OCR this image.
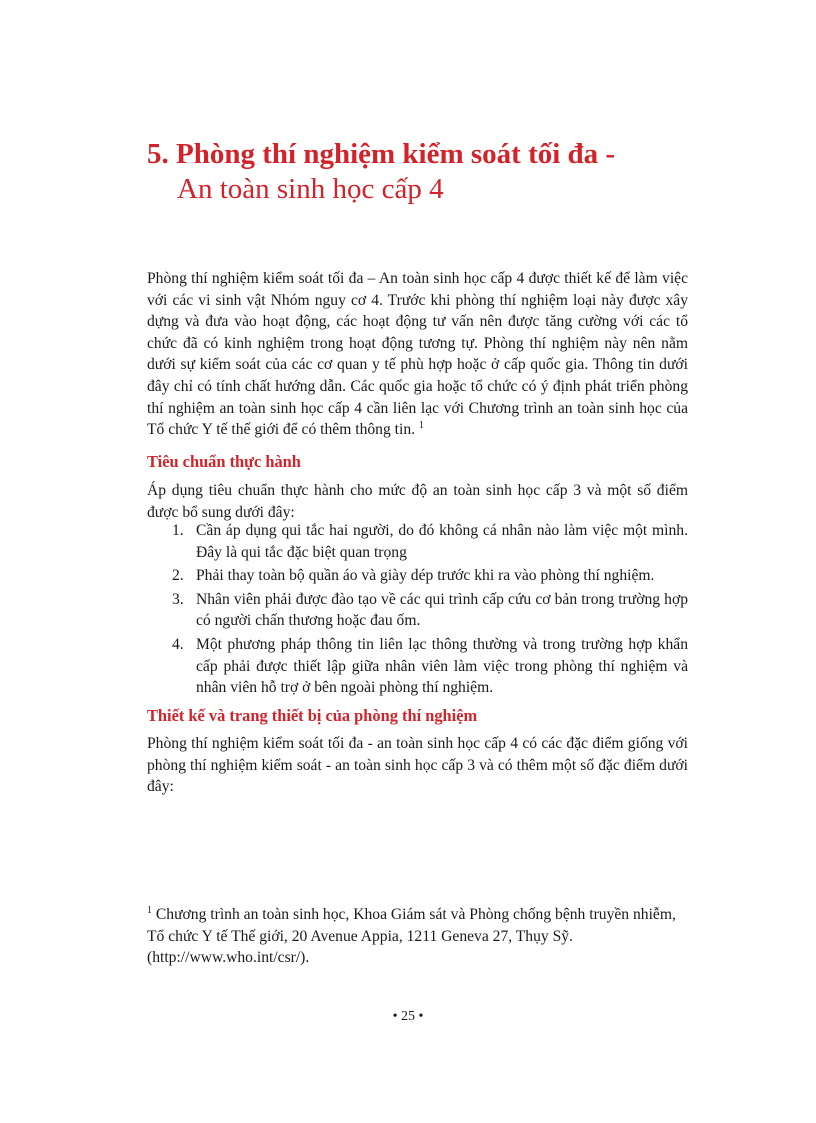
5. Phòng thí nghiệm kiểm soát tối đa -
An toàn sinh học cấp 4

Phòng thí nghiệm kiểm soát tối đa – An toàn sinh học cấp 4 được thiết kế để làm việc với các vi sinh vật Nhóm nguy cơ 4. Trước khi phòng thí nghiệm loại này được xây dựng và đưa vào hoạt động, các hoạt động tư vấn nên được tăng cường với các tổ chức đã có kinh nghiệm trong hoạt động tương tự. Phòng thí nghiệm này nên nằm dưới sự kiểm soát của các cơ quan y tế phù hợp hoặc ở cấp quốc gia. Thông tin dưới đây chỉ có tính chất hướng dẫn. Các quốc gia hoặc tổ chức có ý định phát triển phòng thí nghiệm an toàn sinh học cấp 4 cần liên lạc với Chương trình an toàn sinh học của Tổ chức Y tế thế giới để có thêm thông tin. $^1$

Tiêu chuẩn thực hành

Áp dụng tiêu chuẩn thực hành cho mức độ an toàn sinh học cấp 3 và một số điểm được bổ sung dưới đây:

1. Cần áp dụng qui tắc hai người, do đó không cá nhân nào làm việc một mình. Đây là qui tắc đặc biệt quan trọng
2. Phải thay toàn bộ quần áo và giày dép trước khi ra vào phòng thí nghiệm.
3. Nhân viên phải được đào tạo về các qui trình cấp cứu cơ bản trong trường hợp có người chấn thương hoặc đau ốm.
4. Một phương pháp thông tin liên lạc thông thường và trong trường hợp khẩn cấp phải được thiết lập giữa nhân viên làm việc trong phòng thí nghiệm và nhân viên hỗ trợ ở bên ngoài phòng thí nghiệm.
Thiết kế và trang thiết bị của phòng thí nghiệm

Phòng thí nghiệm kiểm soát tối đa - an toàn sinh học cấp 4 có các đặc điểm giống với phòng thí nghiệm kiểm soát - an toàn sinh học cấp 3 và có thêm một số đặc điểm dưới đây:

$^1$ Chương trình an toàn sinh học, Khoa Giám sát và Phòng chống bệnh truyền nhiễm, Tổ chức Y tế Thế giới, 20 Avenue Appia, 1211 Geneva 27, Thụy Sỹ. (http://www.who.int/csr/).

• 25 •
